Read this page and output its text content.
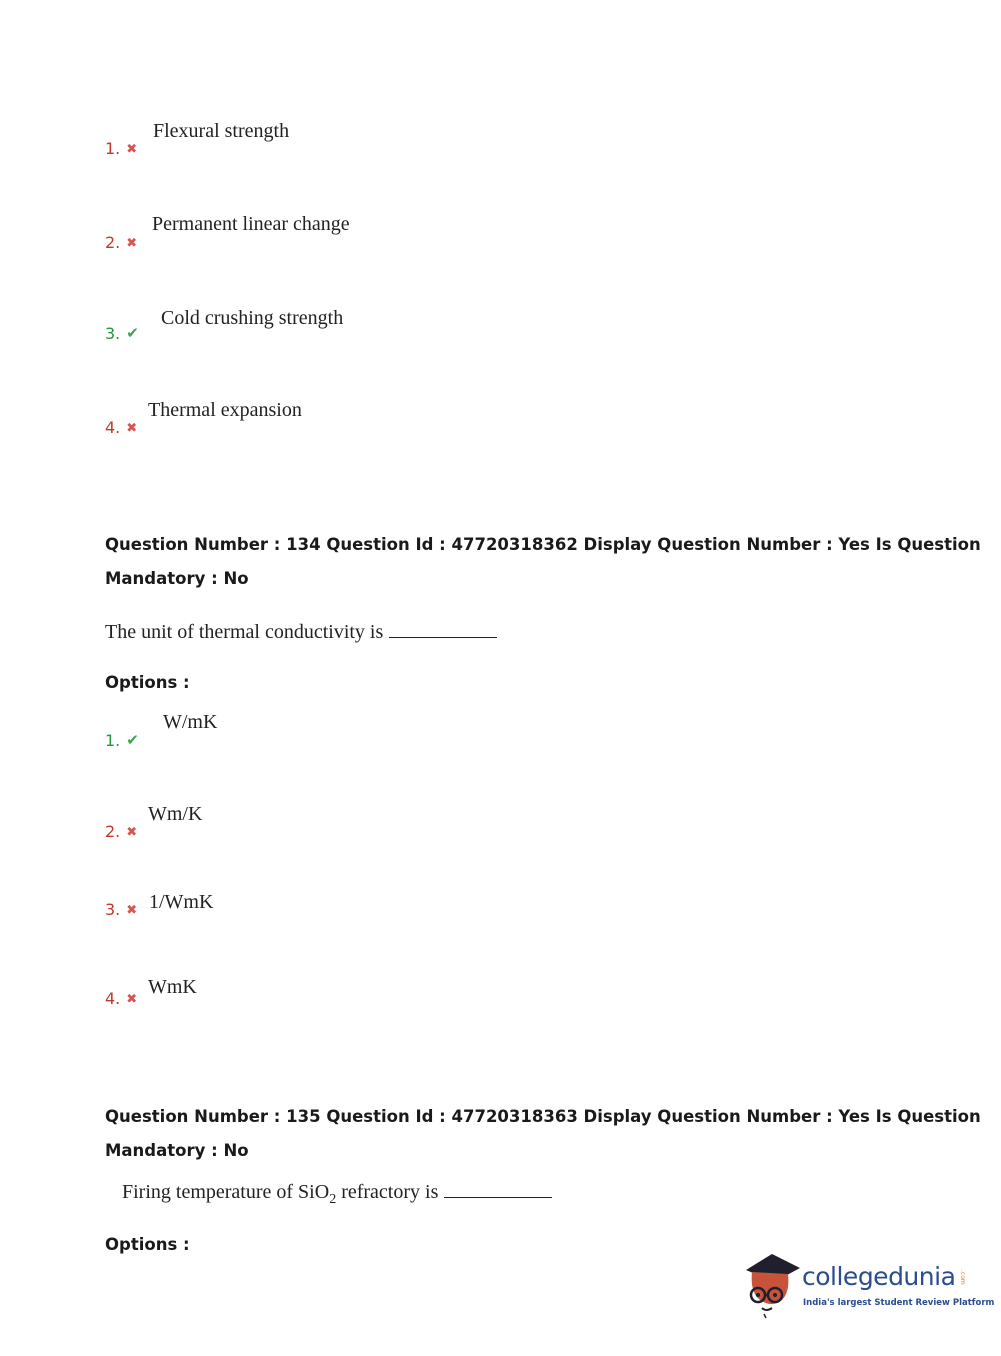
1. ✖
Flexural strength
2. ✖
Permanent linear change
3. ✔
Cold crushing strength
4. ✖
Thermal expansion
Question Number : 134 Question Id : 47720318362 Display Question Number : Yes Is Question
Mandatory : No
The unit of thermal conductivity is
Options :
1. ✔
W/mK
2. ✖
Wm/K
3. ✖ 1/WmK
4. ✖
WmK
Question Number : 135 Question Id : 47720318363 Display Question Number : Yes Is Question
Mandatory : No
Firing temperature of SiO$_2$ refractory is
Options :
collegedunia .com
India's largest Student Review Platform
